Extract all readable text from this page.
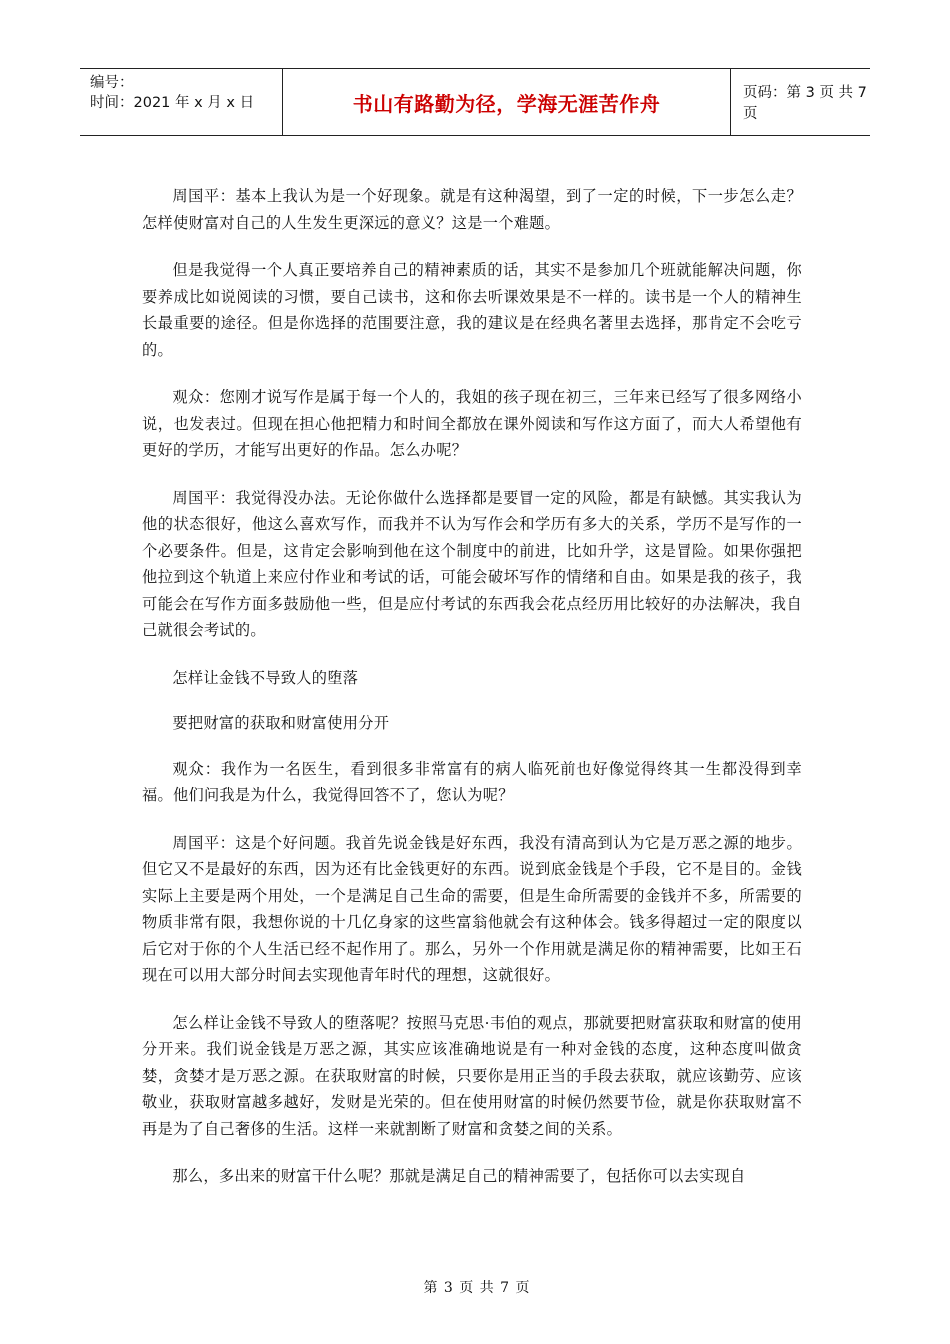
编号：
时间：2021 年 x 月 x 日	书山有路勤为径，学海无涯苦作舟	页码：第 3 页 共 7 页

周国平：基本上我认为是一个好现象。就是有这种渴望，到了一定的时候，下一步怎么走？怎样使财富对自己的人生发生更深远的意义？这是一个难题。

但是我觉得一个人真正要培养自己的精神素质的话，其实不是参加几个班就能解决问题，你要养成比如说阅读的习惯，要自己读书，这和你去听课效果是不一样的。读书是一个人的精神生长最重要的途径。但是你选择的范围要注意，我的建议是在经典名著里去选择，那肯定不会吃亏的。

观众：您刚才说写作是属于每一个人的，我姐的孩子现在初三，三年来已经写了很多网络小说，也发表过。但现在担心他把精力和时间全都放在课外阅读和写作这方面了，而大人希望他有更好的学历，才能写出更好的作品。怎么办呢？

周国平：我觉得没办法。无论你做什么选择都是要冒一定的风险，都是有缺憾。其实我认为他的状态很好，他这么喜欢写作，而我并不认为写作会和学历有多大的关系，学历不是写作的一个必要条件。但是，这肯定会影响到他在这个制度中的前进，比如升学，这是冒险。如果你强把他拉到这个轨道上来应付作业和考试的话，可能会破坏写作的情绪和自由。如果是我的孩子，我可能会在写作方面多鼓励他一些，但是应付考试的东西我会花点经历用比较好的办法解决，我自己就很会考试的。

怎样让金钱不导致人的堕落

要把财富的获取和财富使用分开

观众：我作为一名医生，看到很多非常富有的病人临死前也好像觉得终其一生都没得到幸福。他们问我是为什么，我觉得回答不了，您认为呢？

周国平：这是个好问题。我首先说金钱是好东西，我没有清高到认为它是万恶之源的地步。但它又不是最好的东西，因为还有比金钱更好的东西。说到底金钱是个手段，它不是目的。金钱实际上主要是两个用处，一个是满足自己生命的需要，但是生命所需要的金钱并不多，所需要的物质非常有限，我想你说的十几亿身家的这些富翁他就会有这种体会。钱多得超过一定的限度以后它对于你的个人生活已经不起作用了。那么，另外一个作用就是满足你的精神需要，比如王石现在可以用大部分时间去实现他青年时代的理想，这就很好。

怎么样让金钱不导致人的堕落呢？按照马克思·韦伯的观点，那就要把财富获取和财富的使用分开来。我们说金钱是万恶之源，其实应该准确地说是有一种对金钱的态度，这种态度叫做贪婪，贪婪才是万恶之源。在获取财富的时候，只要你是用正当的手段去获取，就应该勤劳、应该敬业，获取财富越多越好，发财是光荣的。但在使用财富的时候仍然要节俭，就是你获取财富不再是为了自己奢侈的生活。这样一来就割断了财富和贪婪之间的关系。

那么，多出来的财富干什么呢？那就是满足自己的精神需要了，包括你可以去实现自

第 3 页 共 7 页
